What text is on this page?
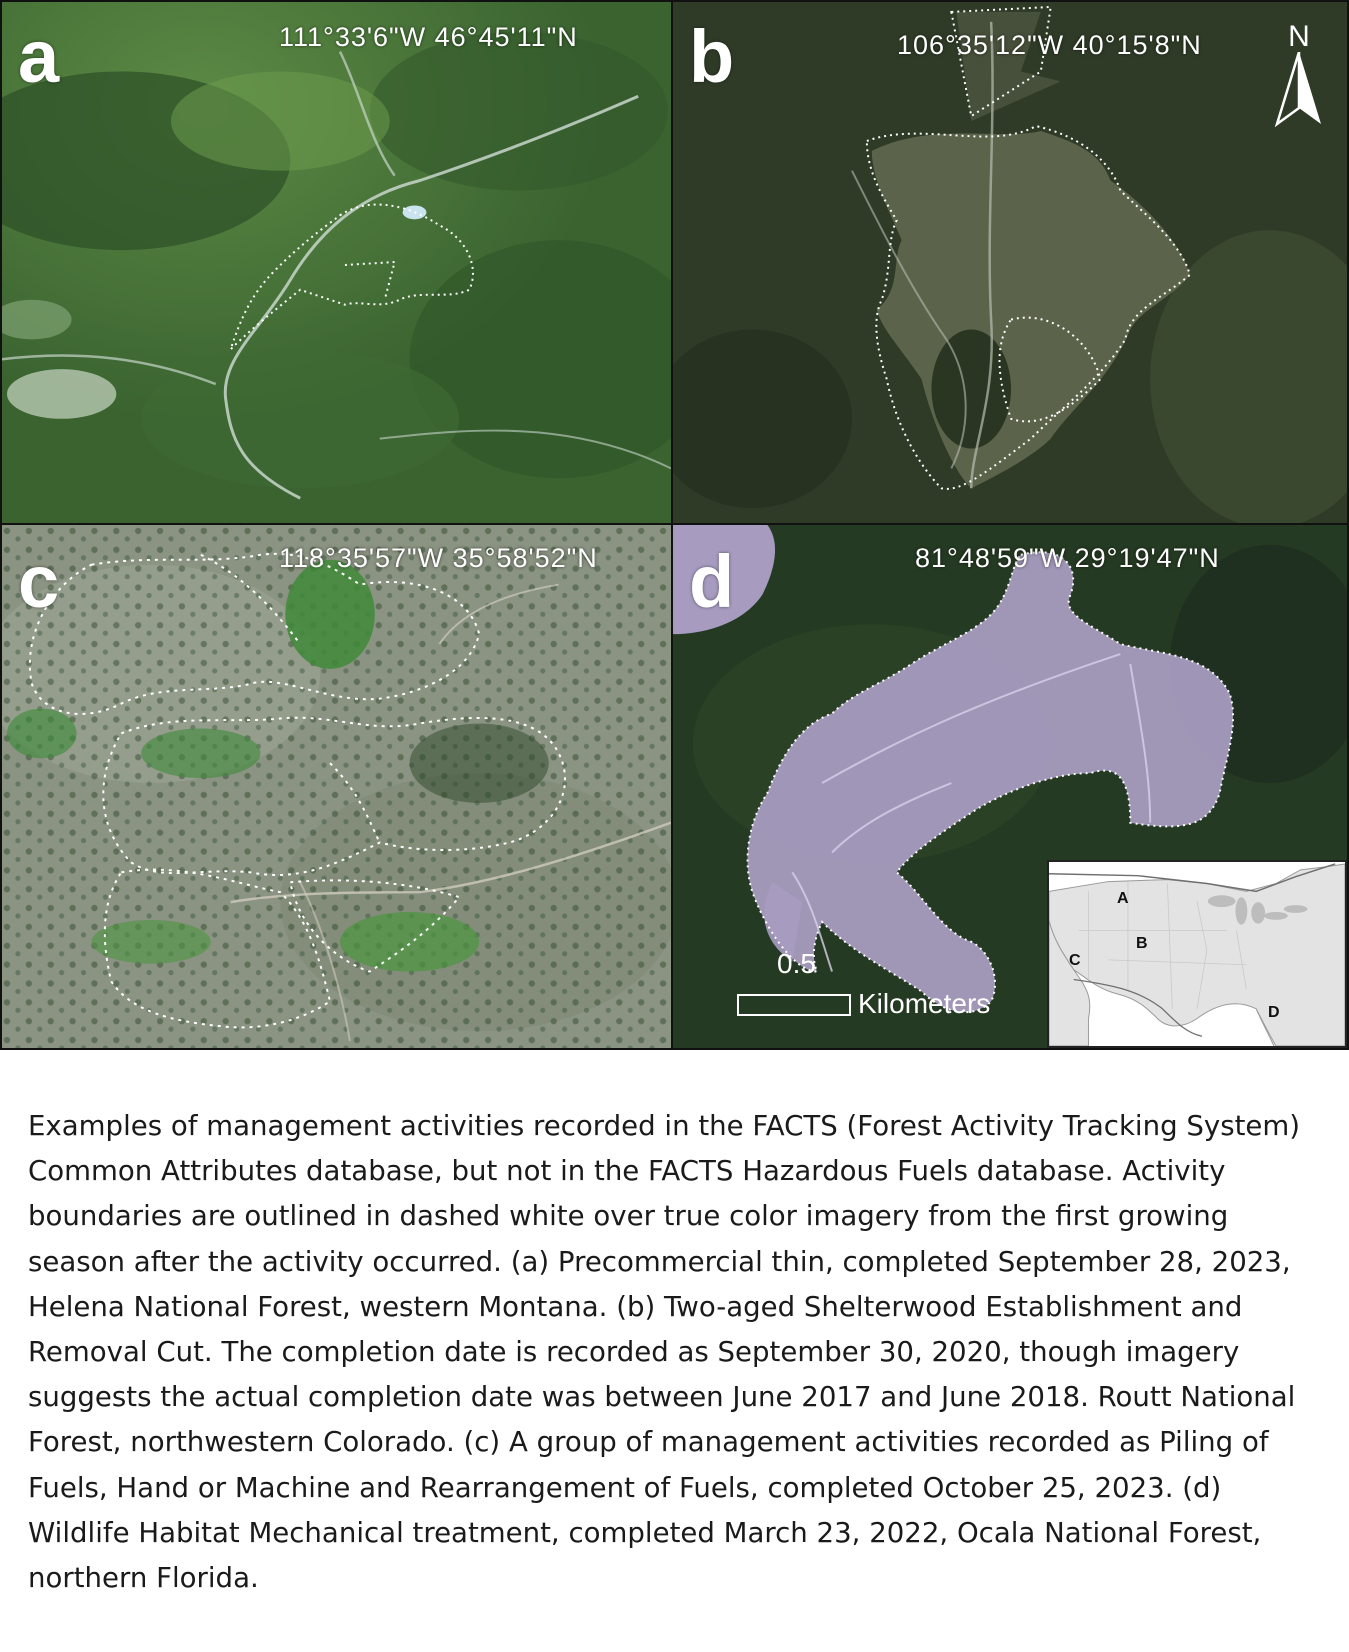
a	111°33'6"W 46°45'11"N b	106°35'12"W 40°15'8"N	N
c	118°35'57"W 35°58'52"N d	81°48'59"W 29°19'47"N
0.5
Kilometers
A
B
C
D
Examples of management activities recorded in the FACTS (Forest Activity Tracking System) Common Attributes database, but not in the FACTS Hazardous Fuels database. Activity boundaries are outlined in dashed white over true color imagery from the first growing season after the activity occurred. (a) Precommercial thin, completed September 28, 2023, Helena National Forest, western Montana. (b) Two-aged Shelterwood Establishment and Removal Cut. The completion date is recorded as September 30, 2020, though imagery suggests the actual completion date was between June 2017 and June 2018. Routt National Forest, northwestern Colorado. (c) A group of management activities recorded as Piling of Fuels, Hand or Machine and Rearrangement of Fuels, completed October 25, 2023. (d) Wildlife Habitat Mechanical treatment, completed March 23, 2022, Ocala National Forest, northern Florida.
